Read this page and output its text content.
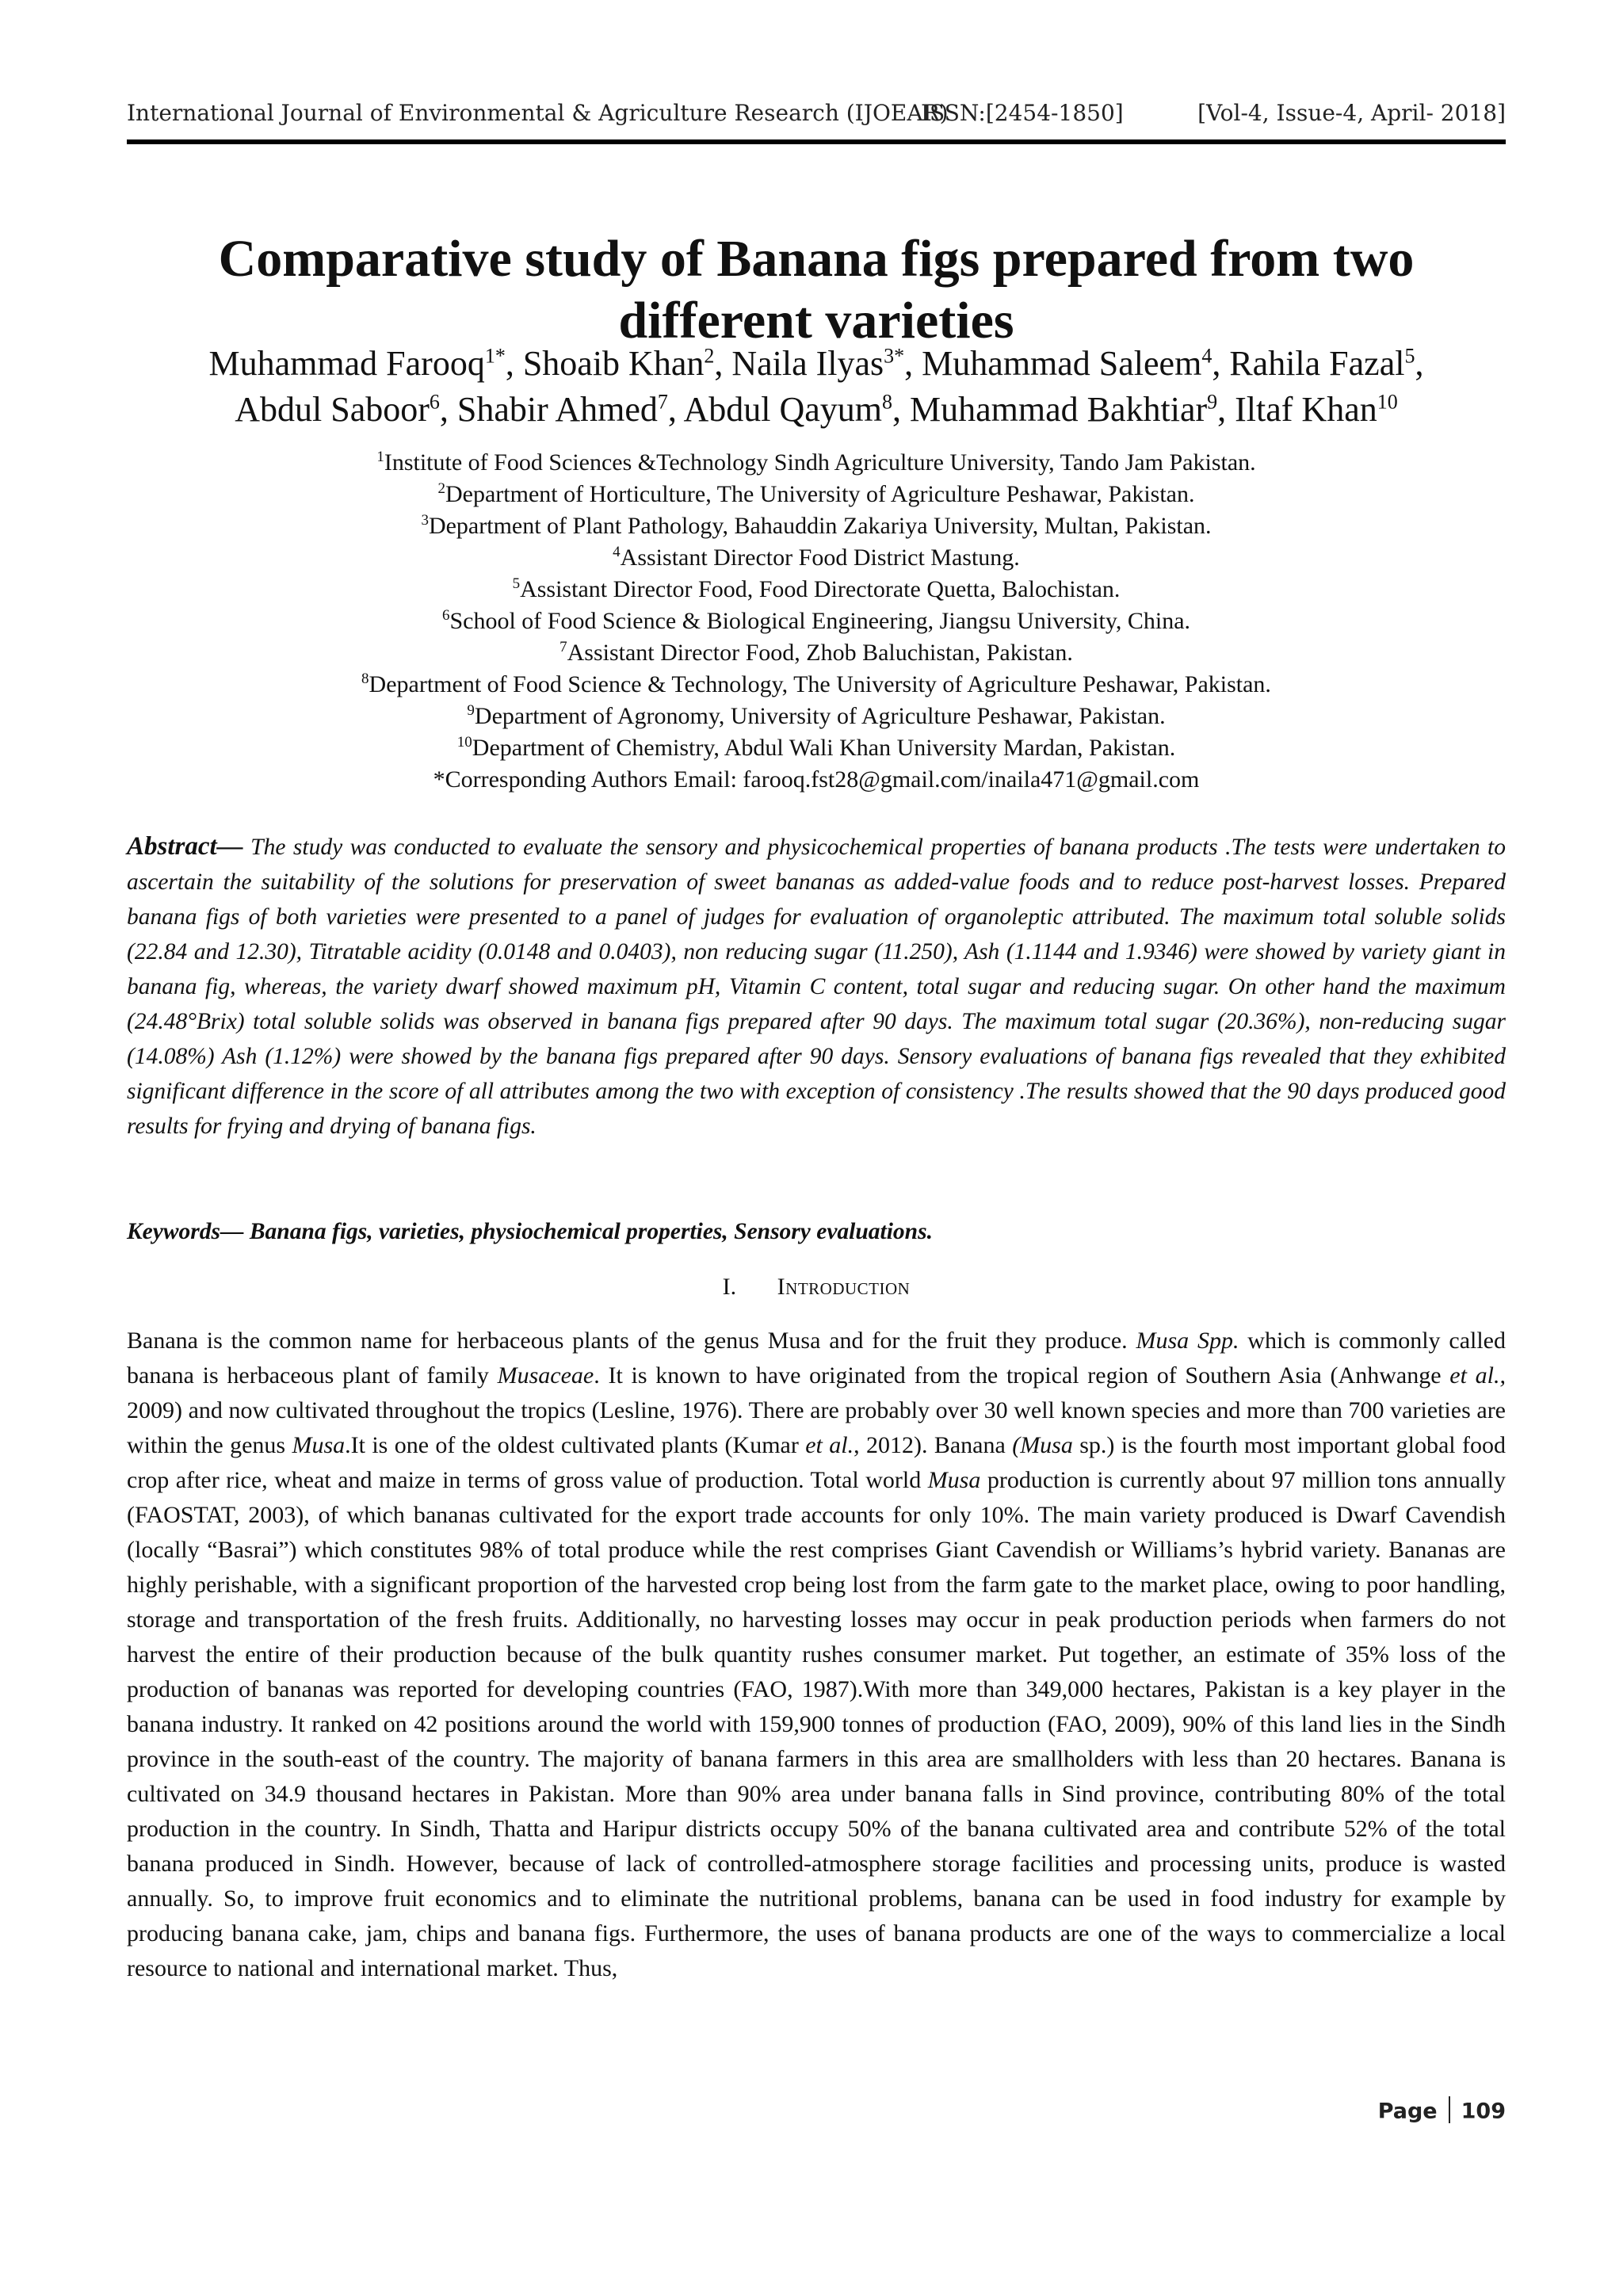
International Journal of Environmental & Agriculture Research (IJOEAR)
ISSN:[2454-1850]	[Vol-4, Issue-4, April- 2018]
Comparative study of Banana figs prepared from two different varieties
Muhammad Farooq$^{1*}$, Shoaib Khan$^2$, Naila Ilyas$^{3*}$, Muhammad Saleem$^4$, Rahila Fazal$^5$,
Abdul Saboor$^6$, Shabir Ahmed$^7$, Abdul Qayum$^8$, Muhammad Bakhtiar$^9$, Iltaf Khan$^{10}$
$^1$Institute of Food Sciences &Technology Sindh Agriculture University, Tando Jam Pakistan.
$^2$Department of Horticulture, The University of Agriculture Peshawar, Pakistan.
$^3$Department of Plant Pathology, Bahauddin Zakariya University, Multan, Pakistan.
$^4$Assistant Director Food District Mastung.
$^5$Assistant Director Food, Food Directorate Quetta, Balochistan.
$^6$School of Food Science & Biological Engineering, Jiangsu University, China.
$^7$Assistant Director Food, Zhob Baluchistan, Pakistan.
$^8$Department of Food Science & Technology, The University of Agriculture Peshawar, Pakistan.
$^9$Department of Agronomy, University of Agriculture Peshawar, Pakistan.
$^{10}$Department of Chemistry, Abdul Wali Khan University Mardan, Pakistan.
*Corresponding Authors Email: farooq.fst28@gmail.com/inaila471@gmail.com
Abstract— The study was conducted to evaluate the sensory and physicochemical properties of banana products .The tests were undertaken to ascertain the suitability of the solutions for preservation of sweet bananas as added-value foods and to reduce post-harvest losses. Prepared banana figs of both varieties were presented to a panel of judges for evaluation of organoleptic attributed. The maximum total soluble solids (22.84 and 12.30), Titratable acidity (0.0148 and 0.0403), non reducing sugar (11.250), Ash (1.1144 and 1.9346) were showed by variety giant in banana fig, whereas, the variety dwarf showed maximum pH, Vitamin C content, total sugar and reducing sugar. On other hand the maximum (24.48°Brix) total soluble solids was observed in banana figs prepared after 90 days. The maximum total sugar (20.36%), non-reducing sugar (14.08%) Ash (1.12%) were showed by the banana figs prepared after 90 days. Sensory evaluations of banana figs revealed that they exhibited significant difference in the score of all attributes among the two with exception of consistency .The results showed that the 90 days produced good results for frying and drying of banana figs.
Keywords— Banana figs, varieties, physiochemical properties, Sensory evaluations.
I. Introduction
Banana is the common name for herbaceous plants of the genus Musa and for the fruit they produce. Musa Spp. which is commonly called banana is herbaceous plant of family Musaceae. It is known to have originated from the tropical region of Southern Asia (Anhwange et al., 2009) and now cultivated throughout the tropics (Lesline, 1976). There are probably over 30 well known species and more than 700 varieties are within the genus Musa.It is one of the oldest cultivated plants (Kumar et al., 2012). Banana (Musa sp.) is the fourth most important global food crop after rice, wheat and maize in terms of gross value of production. Total world Musa production is currently about 97 million tons annually (FAOSTAT, 2003), of which bananas cultivated for the export trade accounts for only 10%. The main variety produced is Dwarf Cavendish (locally “Basrai”) which constitutes 98% of total produce while the rest comprises Giant Cavendish or Williams’s hybrid variety. Bananas are highly perishable, with a significant proportion of the harvested crop being lost from the farm gate to the market place, owing to poor handling, storage and transportation of the fresh fruits. Additionally, no harvesting losses may occur in peak production periods when farmers do not harvest the entire of their production because of the bulk quantity rushes consumer market. Put together, an estimate of 35% loss of the production of bananas was reported for developing countries (FAO, 1987).With more than 349,000 hectares, Pakistan is a key player in the banana industry. It ranked on 42 positions around the world with 159,900 tonnes of production (FAO, 2009), 90% of this land lies in the Sindh province in the south-east of the country. The majority of banana farmers in this area are smallholders with less than 20 hectares. Banana is cultivated on 34.9 thousand hectares in Pakistan. More than 90% area under banana falls in Sind province, contributing 80% of the total production in the country. In Sindh, Thatta and Haripur districts occupy 50% of the banana cultivated area and contribute 52% of the total banana produced in Sindh. However, because of lack of controlled-atmosphere storage facilities and processing units, produce is wasted annually. So, to improve fruit economics and to eliminate the nutritional problems, banana can be used in food industry for example by producing banana cake, jam, chips and banana figs. Furthermore, the uses of banana products are one of the ways to commercialize a local resource to national and international market. Thus,
Page 109
